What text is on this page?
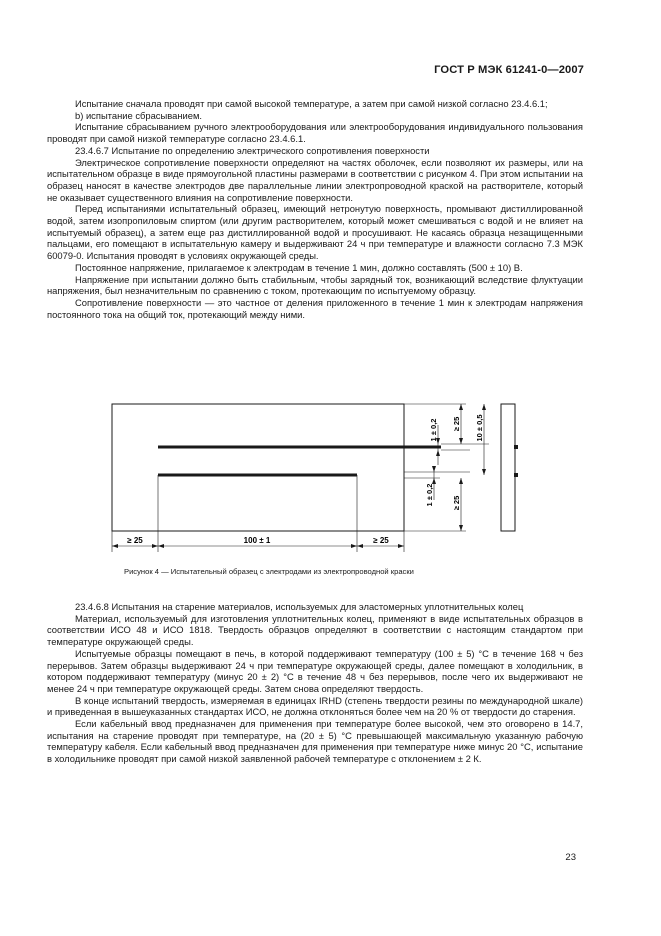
ГОСТ Р МЭК 61241-0—2007

Испытание сначала проводят при самой высокой температуре, а затем при самой низкой согласно 23.4.6.1;

b) испытание сбрасыванием.

Испытание сбрасыванием ручного электрооборудования или электрооборудования индивидуального пользования проводят при самой низкой температуре согласно 23.4.6.1.

23.4.6.7 Испытание по определению электрического сопротивления поверхности

Электрическое сопротивление поверхности определяют на частях оболочек, если позволяют их размеры, или на испытательном образце в виде прямоугольной пластины размерами в соответствии с рисунком 4. При этом испытании на образец наносят в качестве электродов две параллельные линии электропроводной краской на растворителе, который не оказывает существенного влияния на сопротивление поверхности.

Перед испытаниями испытательный образец, имеющий нетронутую поверхность, промывают дистиллированной водой, затем изопропиловым спиртом (или другим растворителем, который может смешиваться с водой и не влияет на испытуемый образец), а затем еще раз дистиллированной водой и просушивают. Не касаясь образца незащищенными пальцами, его помещают в испытательную камеру и выдерживают 24 ч при температуре и влажности согласно 7.3 МЭК 60079-0. Испытания проводят в условиях окружающей среды.

Постоянное напряжение, прилагаемое к электродам в течение 1 мин, должно составлять (500 ± 10) В.

Напряжение при испытании должно быть стабильным, чтобы зарядный ток, возникающий вследствие флуктуации напряжения, был незначительным по сравнению с током, протекающим по испытуемому образцу.

Сопротивление поверхности — это частное от деления приложенного в течение 1 мин к электродам напряжения постоянного тока на общий ток, протекающий между ними.

≥ 25	100 ± 1	≥ 25
1 ± 0,2 ≥ 25 10 ± 0,5
1 ± 0,2 ≥ 25
Рисунок 4 — Испытательный образец с электродами из электропроводной краски

23.4.6.8 Испытания на старение материалов, используемых для эластомерных уплотнительных колец

Материал, используемый для изготовления уплотнительных колец, применяют в виде испытательных образцов в соответствии ИСО 48 и ИСО 1818. Твердость образцов определяют в соответствии с настоящим стандартом при температуре окружающей среды.

Испытуемые образцы помещают в печь, в которой поддерживают температуру (100 ± 5) °C в течение 168 ч без перерывов. Затем образцы выдерживают 24 ч при температуре окружающей среды, далее помещают в холодильник, в котором поддерживают температуру (минус 20 ± 2) °C в течение 48 ч без перерывов, после чего их выдерживают не менее 24 ч при температуре окружающей среды. Затем снова определяют твердость.

В конце испытаний твердость, измеряемая в единицах IRHD (степень твердости резины по международной шкале) и приведенная в вышеуказанных стандартах ИСО, не должна отклоняться более чем на 20 % от твердости до старения.

Если кабельный ввод предназначен для применения при температуре более высокой, чем это оговорено в 14.7, испытания на старение проводят при температуре, на (20 ± 5) °C превышающей максимальную указанную рабочую температуру кабеля. Если кабельный ввод предназначен для применения при температуре ниже минус 20 °C, испытание в холодильнике проводят при самой низкой заявленной рабочей температуре с отклонением ± 2 К.

23
